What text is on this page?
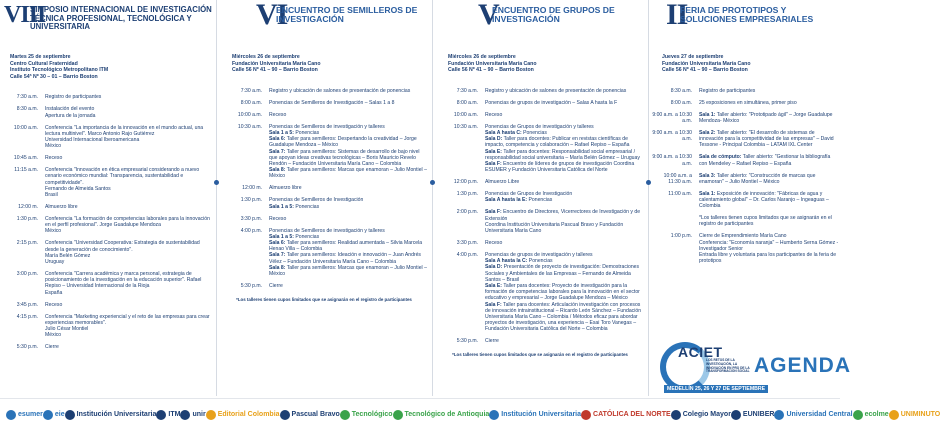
VIII
SIMPOSIO INTERNACIONAL DE INVESTIGACIÓN TÉCNICA PROFESIONAL, TECNOLÓGICA Y UNIVERSITARIA
Martes 25 de septiembre
Centro Cultural Fraternidad
Instituto Tecnológico Metropolitano ITM
Calle 54ª Nº 30 – 01 – Barrio Boston
7:30 a.m. Registro de participantes
8:30 a.m. Instalación del evento
Apertura de la jornada
10:00 a.m. Conferencia "La importancia de la innovación en el mundo actual, una lectura multinivel". Marco Antonio Rajo Gutiérrez
Universidad Internacional Iberoamericana
México
10:45 a.m. Receso
11:15 a.m. Conferencia "Innovación en ética empresarial considerando a nuevo cenario económico mundial: Transparencia, sustentabilidad e competitividade".
Fernando de Almeida Santos
Brasil
12:00 m. Almuerzo libre
1:30 p.m. Conferencia "La formación de competencias laborales para la innovación en el perfil profesional". Jorge Guadalupe Mendoza
México
2:15 p.m. Conferencia "Universidad Cooperativa: Estrategia de sustentabilidad desde la generación de conocimiento".
María Belén Gómez
Uruguay
3:00 p.m. Conferencia "Carrera académica y marca personal, estrategia de posicionamiento de la investigación en la educación superior". Rafael Repiso – Universidad Internacional de la Rioja
España
3:45 p.m. Receso
4:15 p.m. Conferencia "Marketing experiencial y el reto de las empresas para crear experiencias memorables".
Julio César Montiel
México
5:30 p.m. Cierre
VI
ENCUENTRO DE SEMILLEROS DE INVESTIGACIÓN
Miércoles 26 de septiembre
Fundación Universitaria María Cano
Calle 56 Nº 41 – 90 – Barrio Boston
7:30 a.m. Registro y ubicación de salones de presentación de ponencias
8:00 a.m. Ponencias de Semilleros de Investigación – Salas 1 a 8
10:00 a.m. Receso
10:30 a.m. Ponencias de Semilleros de investigación y talleres
Sala 1 a 5: Ponencias
Sala 6: Taller para semilleros: Despertando la creatividad – Jorge Guadalupe Mendoza – México
Sala 7: Taller para semilleros: Sistemas de desarrollo de bajo nivel que apoyan ideas creativas tecnológicas – Boris Mauricio Revelo Rendón – Fundación Universitaria María Cano – Colombia
Sala 8: Taller para semilleros: Marcas que enamoran – Julio Montiel – México
12:00 m. Almuerzo libre
1:30 p.m. Ponencias de Semilleros de Investigación
Sala 1 a 5: Ponencias
3:30 p.m. Receso
4:00 p.m. Ponencias de Semilleros de investigación y talleres
Sala 1 a 5: Ponencias
Sala 6: Taller para semilleros: Realidad aumentada – Silvia Marcela Henao Villa – Colombia
Sala 7: Taller para semilleros: Ideación e innovación – Juan Andrés Vélez – Fundación Universitaria María Cano – Colombia
Sala 8: Taller para semilleros: Marcas que enamoran – Julio Montiel – México
5:30 p.m. Cierre
*Los talleres tienen cupos limitados que se asignarán en el registro de participantes
V
ENCUENTRO DE GRUPOS DE INVESTIGACIÓN
Miércoles 26 de septiembre
Fundación Universitaria María Cano
Calle 56 Nº 41 – 90 – Barrio Boston
7:30 a.m. Registro y ubicación de salones de presentación de ponencias
8:00 a.m. Ponencias de grupos de investigación – Salas A hasta la F
10:00 a.m. Receso
10:30 a.m. Ponencias de Grupos de investigación y talleres
Sala A hasta C: Ponencias
Sala D: Taller para docentes: Publicar en revistas científicas de impacto, competencia y colaboración – Rafael Repiso – España
Sala E: Taller para docentes: Responsabilidad social empresarial / responsabilidad social universitaria – María Belén Gómez – Uruguay
Sala F: Encuentro de líderes de grupos de investigación Coordina ESUMER y Fundación Universitaria Católica del Norte
12:00 p.m. Almuerzo Libre
1:30 p.m. Ponencias de Grupos de Investigación
Sala A hasta la E: Ponencias
2:00 p.m. Sala F: Encuentro de Directores, Vicerrectores de Investigación y de Extensión
Coordina Institución Universitaria Pascual Bravo y Fundación Universitaria María Cano
3:30 p.m. Receso
4:00 p.m. Ponencias de grupos de investigación y talleres
Sala A hasta la C: Ponencias
Sala D: Presentación de proyecto de investigación: Demostraciones Sociales y Ambientales de las Empresas – Fernando de Almeida Santos – Brasil
Sala E: Taller para docentes: Proyecto de investigación para la formación de competencias laborales para la innovación en el sector educativo y empresarial – Jorge Guadalupe Mendoza – México
Sala F: Taller para docentes: Articulación investigación con procesos de innovación intrainstitucional – Ricardo León Sánchez – Fundación Universitaria María Cano – Colombia / Métodos eficaz para abordar proyectos de investigación, una experiencia – Esai Toro Vanegas – Fundación Universitaria Católica del Norte – Colombia
5:30 p.m. Cierre
*Los talleres tienen cupos limitados que se asignarán en el registro de participantes
II
FERIA DE PROTOTIPOS Y SOLUCIONES EMPRESARIALES
Jueves 27 de septiembre
Fundación Universitaria María Cano
Calle 56 Nº 41 – 90 – Barrio Boston
8:30 a.m. Registro de participantes
8:00 a.m. 25 exposiciones en simultánea, primer piso
9:00 a.m. a 10:30 a.m.
Sala 1: Taller abierto: "Prototipado ágil" – Jorge Guadalupe Mendoza- México
9:00 a.m. a 10:30 a.m.
Sala 2: Taller abierto: "El desarrollo de sistemas de innovación para la competitividad de las empresas" – David Tessone - Principal Colombia – LATAM IXL Center
9:00 a.m. a 10:30 a.m.
Sala de cómputo: Taller abierto: "Gestionar la bibliografía con Mendeley – Rafael Repiso – España
10:00 a.m. a 11:30 a.m.
Sala 3: Taller abierto: "Construcción de marcas que enamoran" – Julio Montiel – México
11:00 a.m. Sala 1: Exposición de innovación: "Fábricas de agua y calentamiento global" – Dr. Carlos Naranjo – Ingeaguas – Colombia
*Los talleres tienen cupos limitados que se asignarán en el registro de participantes
1:00 p.m. Cierre de Emprendimiento María Cano
Conferencia: "Economía naranja" – Humberto Serna Gómez - Investigador Senior
Entrada libre y voluntaria para los participantes de la feria de prototipos
ACIET
LOS RETOS DE LA INVESTIGACIÓN, LA INNOVACIÓN EN PRO DE LA TRANSFORMACIÓN SOCIAL
MEDELLÍN 25, 26 Y 27 DE SEPTIEMBRE
AGENDA
esumer eie Institución Universitaria ITM unir Editorial Colombia Pascual Bravo Tecnológico Tecnológico de Antioquia Institución Universitaria CATÓLICA DEL NORTE Colegio Mayor EUNIBER Universidad Central ecolme UNIMINUTO
